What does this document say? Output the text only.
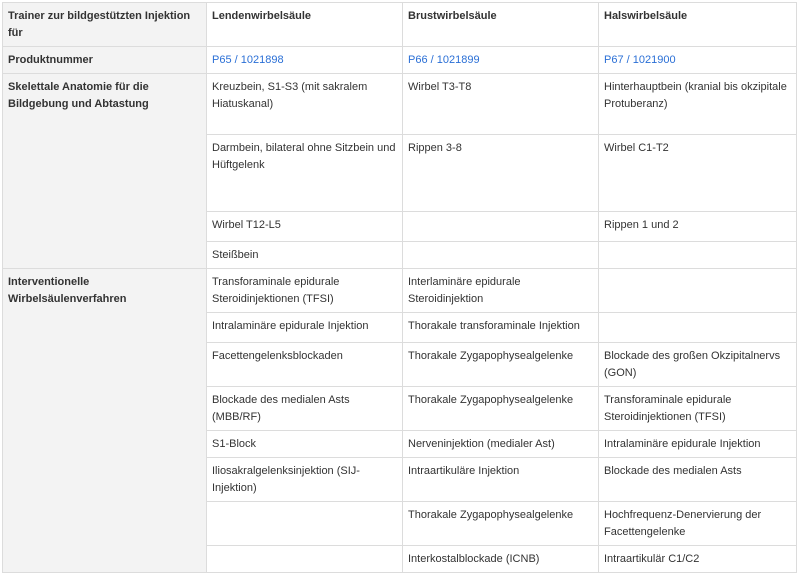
Trainer zur bildgestützten Injektion für	Lendenwirbelsäule	Brustwirbelsäule	Halswirbelsäule
Produktnummer	P65 / 1021898	P66 / 1021899	P67 / 1021900
Skelettale Anatomie für die Bildgebung und Abtastung	Kreuzbein, S1-S3 (mit sakralem Hiatuskanal)	Wirbel T3-T8	Hinterhauptbein (kranial bis okzipitale Protuberanz)
	Darmbein, bilateral ohne Sitzbein und Hüftgelenk	Rippen 3-8	Wirbel C1-T2
	Wirbel T12-L5		Rippen 1 und 2
	Steißbein		
Interventionelle Wirbelsäulenverfahren	Transforaminale epidurale Steroidinjektionen (TFSI)	Interlaminäre epidurale Steroidinjektion	
	Intralaminäre epidurale Injektion	Thorakale transforaminale Injektion	
	Facettengelenksblockaden	Thorakale Zygapophysealgelenke	Blockade des großen Okzipitalnervs (GON)
	Blockade des medialen Asts (MBB/RF)	Thorakale Zygapophysealgelenke	Transforaminale epidurale Steroidinjektionen (TFSI)
	S1-Block	Nerveninjektion (medialer Ast)	Intralaminäre epidurale Injektion
	Iliosakralgelenksinjektion (SIJ-Injektion)	Intraartikuläre Injektion	Blockade des medialen Asts
		Thorakale Zygapophysealgelenke	Hochfrequenz-Denervierung der Facettengelenke
		Interkostalblockade (ICNB)	Intraartikulär C1/C2
